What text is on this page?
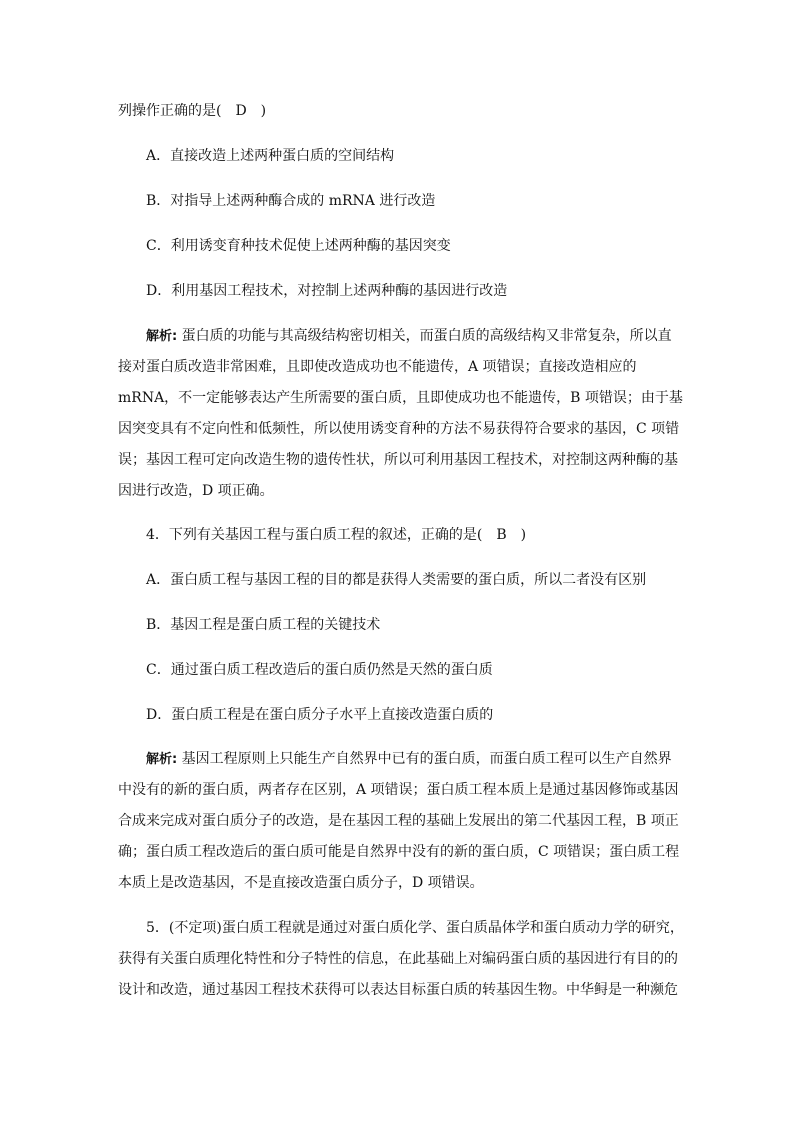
列操作正确的是(　D　)
A．直接改造上述两种蛋白质的空间结构
B．对指导上述两种酶合成的 mRNA 进行改造
C．利用诱变育种技术促使上述两种酶的基因突变
D．利用基因工程技术，对控制上述两种酶的基因进行改造
解析: 蛋白质的功能与其高级结构密切相关，而蛋白质的高级结构又非常复杂，所以直
接对蛋白质改造非常困难，且即使改造成功也不能遗传，A 项错误；直接改造相应的
mRNA，不一定能够表达产生所需要的蛋白质，且即使成功也不能遗传，B 项错误；由于基
因突变具有不定向性和低频性，所以使用诱变育种的方法不易获得符合要求的基因，C 项错
误；基因工程可定向改造生物的遗传性状，所以可利用基因工程技术，对控制这两种酶的基
因进行改造，D 项正确。
4．下列有关基因工程与蛋白质工程的叙述，正确的是(　B　)
A．蛋白质工程与基因工程的目的都是获得人类需要的蛋白质，所以二者没有区别
B．基因工程是蛋白质工程的关键技术
C．通过蛋白质工程改造后的蛋白质仍然是天然的蛋白质
D．蛋白质工程是在蛋白质分子水平上直接改造蛋白质的
解析: 基因工程原则上只能生产自然界中已有的蛋白质，而蛋白质工程可以生产自然界
中没有的新的蛋白质，两者存在区别，A 项错误；蛋白质工程本质上是通过基因修饰或基因
合成来完成对蛋白质分子的改造，是在基因工程的基础上发展出的第二代基因工程，B 项正
确；蛋白质工程改造后的蛋白质可能是自然界中没有的新的蛋白质，C 项错误；蛋白质工程
本质上是改造基因，不是直接改造蛋白质分子，D 项错误。
5．(不定项)蛋白质工程就是通过对蛋白质化学、蛋白质晶体学和蛋白质动力学的研究，
获得有关蛋白质理化特性和分子特性的信息，在此基础上对编码蛋白质的基因进行有目的的
设计和改造，通过基因工程技术获得可以表达目标蛋白质的转基因生物。中华鲟是一种濒危
